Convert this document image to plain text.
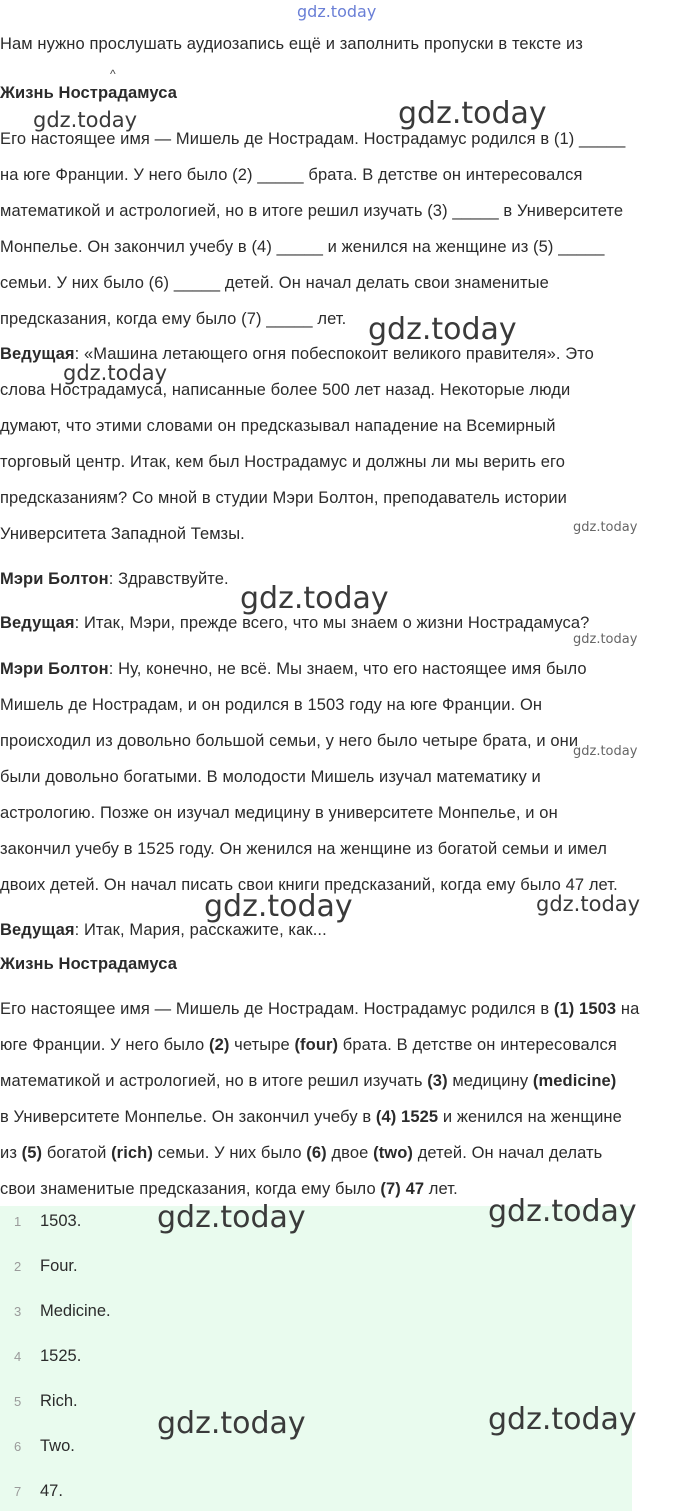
gdz.today
gdz.today
gdz.today
gdz.today
gdz.today
gdz.today
gdz.today
gdz.today
gdz.today
gdz.today	gdz.today
Нам нужно прослушать аудиозапись ещё и заполнить пропуски в тексте из
^
Жизнь Нострадамуса
Его настоящее имя — Мишель де Нострадам. Нострадамус родился в (1) _____
на юге Франции. У него было (2) _____ брата. В детстве он интересовался
математикой и астрологией, но в итоге решил изучать (3) _____ в Университете
Монпелье. Он закончил учебу в (4) _____ и женился на женщине из (5) _____
семьи. У них было (6) _____ детей. Он начал делать свои знаменитые
предсказания, когда ему было (7) _____ лет.
Ведущая: «Машина летающего огня побеспокоит великого правителя». Это
слова Нострадамуса, написанные более 500 лет назад. Некоторые люди
думают, что этими словами он предсказывал нападение на Всемирный
торговый центр. Итак, кем был Нострадамус и должны ли мы верить его
предсказаниям? Со мной в студии Мэри Болтон, преподаватель истории
Университета Западной Темзы.
Мэри Болтон: Здравствуйте.
Ведущая: Итак, Мэри, прежде всего, что мы знаем о жизни Нострадамуса?
Мэри Болтон: Ну, конечно, не всё. Мы знаем, что его настоящее имя было
Мишель де Нострадам, и он родился в 1503 году на юге Франции. Он
происходил из довольно большой семьи, у него было четыре брата, и они
были довольно богатыми. В молодости Мишель изучал математику и
астрологию. Позже он изучал медицину в университете Монпелье, и он
закончил учебу в 1525 году. Он женился на женщине из богатой семьи и имел
двоих детей. Он начал писать свои книги предсказаний, когда ему было 47 лет.
Ведущая: Итак, Мария, расскажите, как...
Жизнь Нострадамуса
Его настоящее имя — Мишель де Нострадам. Нострадамус родился в (1) 1503 на
юге Франции. У него было (2) четыре (four) брата. В детстве он интересовался
математикой и астрологией, но в итоге решил изучать (3) медицину (medicine)
в Университете Монпелье. Он закончил учебу в (4) 1525 и женился на женщине
из (5) богатой (rich) семьи. У них было (6) двое (two) детей. Он начал делать
свои знаменитые предсказания, когда ему было (7) 47 лет.
1 1503.
2 Four.
3 Medicine.
4 1525.
5 Rich.
6 Two.
7 47.
gdz.today	gdz.today
gdz.today	gdz.today
